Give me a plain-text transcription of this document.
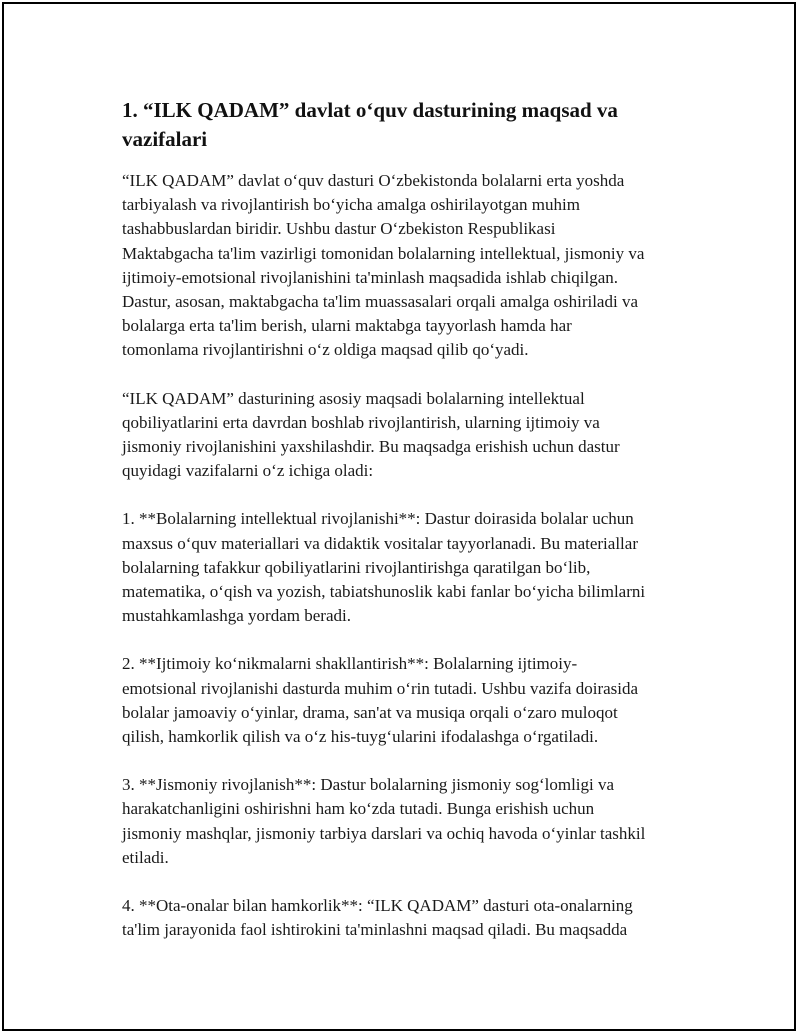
1. “ILK QADAM” davlat o‘quv dasturining maqsad va vazifalari

“ILK QADAM” davlat o‘quv dasturi O‘zbekistonda bolalarni erta yoshda
tarbiyalash va rivojlantirish bo‘yicha amalga oshirilayotgan muhim
tashabbuslardan biridir. Ushbu dastur O‘zbekiston Respublikasi
Maktabgacha ta'lim vazirligi tomonidan bolalarning intellektual, jismoniy va
ijtimoiy-emotsional rivojlanishini ta'minlash maqsadida ishlab chiqilgan.
Dastur, asosan, maktabgacha ta'lim muassasalari orqali amalga oshiriladi va
bolalarga erta ta'lim berish, ularni maktabga tayyorlash hamda har
tomonlama rivojlantirishni o‘z oldiga maqsad qilib qo‘yadi.

“ILK QADAM” dasturining asosiy maqsadi bolalarning intellektual
qobiliyatlarini erta davrdan boshlab rivojlantirish, ularning ijtimoiy va
jismoniy rivojlanishini yaxshilashdir. Bu maqsadga erishish uchun dastur
quyidagi vazifalarni o‘z ichiga oladi:

1. **Bolalarning intellektual rivojlanishi**: Dastur doirasida bolalar uchun
maxsus o‘quv materiallari va didaktik vositalar tayyorlanadi. Bu materiallar
bolalarning tafakkur qobiliyatlarini rivojlantirishga qaratilgan bo‘lib,
matematika, o‘qish va yozish, tabiatshunoslik kabi fanlar bo‘yicha bilimlarni
mustahkamlashga yordam beradi.

2. **Ijtimoiy ko‘nikmalarni shakllantirish**: Bolalarning ijtimoiy-
emotsional rivojlanishi dasturda muhim o‘rin tutadi. Ushbu vazifa doirasida
bolalar jamoaviy o‘yinlar, drama, san'at va musiqa orqali o‘zaro muloqot
qilish, hamkorlik qilish va o‘z his-tuyg‘ularini ifodalashga o‘rgatiladi.

3. **Jismoniy rivojlanish**: Dastur bolalarning jismoniy sog‘lomligi va
harakatchanligini oshirishni ham ko‘zda tutadi. Bunga erishish uchun
jismoniy mashqlar, jismoniy tarbiya darslari va ochiq havoda o‘yinlar tashkil
etiladi.

4. **Ota-onalar bilan hamkorlik**: “ILK QADAM” dasturi ota-onalarning
ta'lim jarayonida faol ishtirokini ta'minlashni maqsad qiladi. Bu maqsadda
